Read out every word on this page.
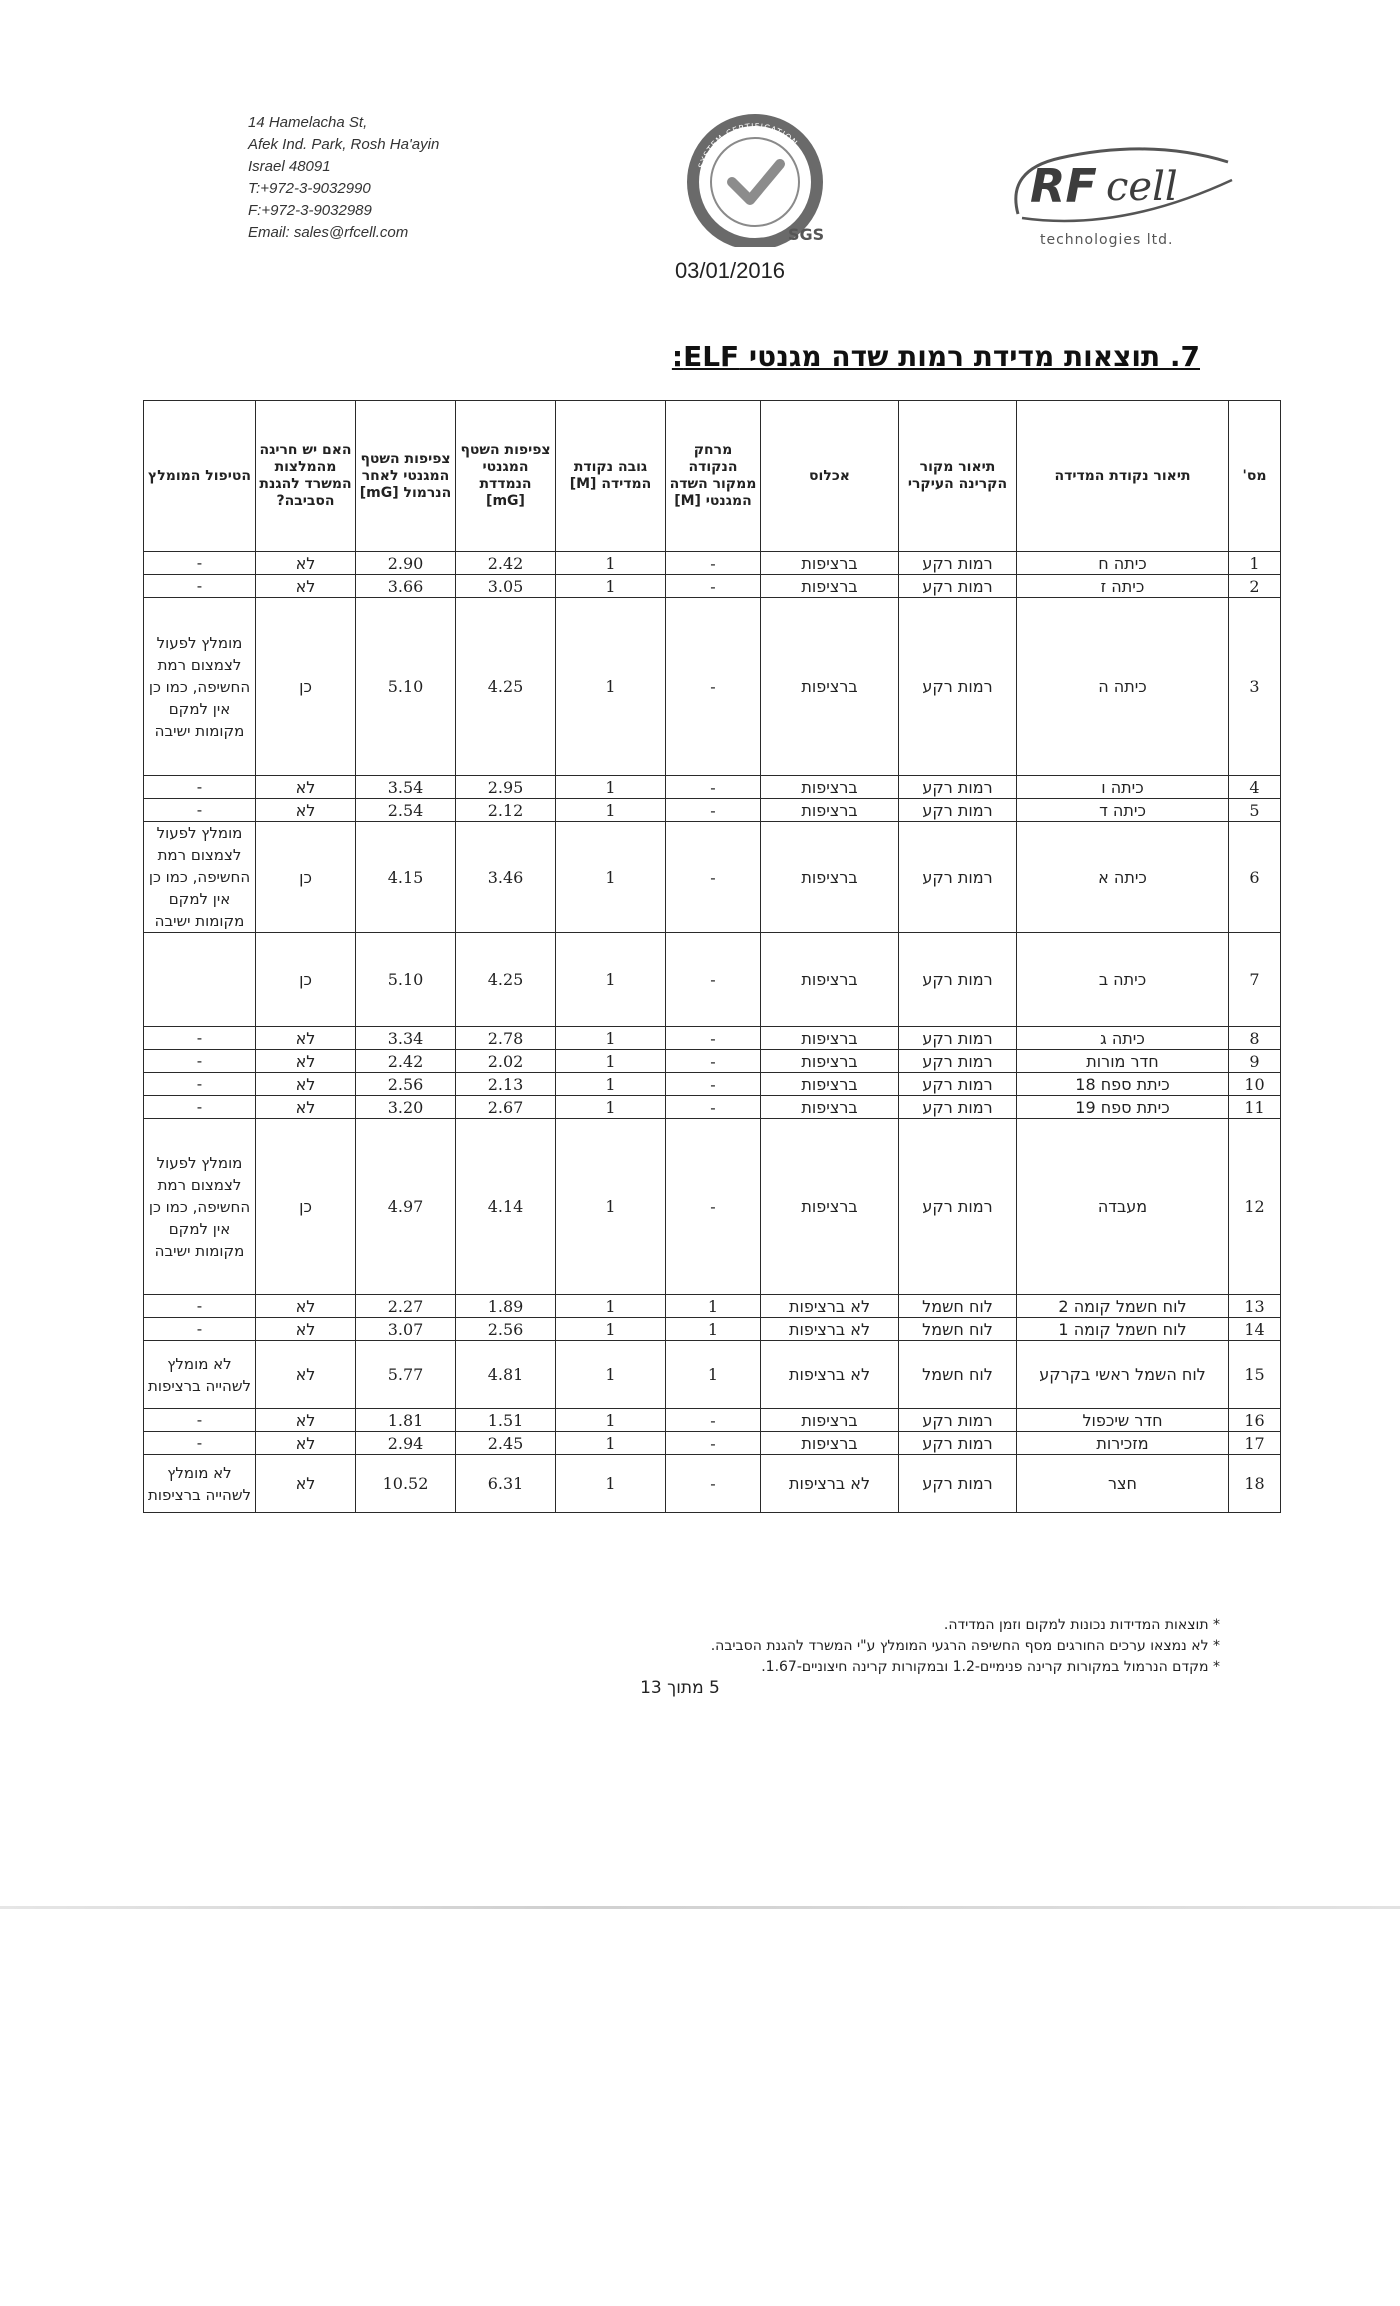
14 Hamelacha St,
Afek Ind. Park, Rosh Ha'ayin
Israel 48091
T:+972-3-9032990
F:+972-3-9032989
Email: sales@rfcell.com
SYSTEM CERTIFICATION
ISO 9001:2000	SGS
RF cell
technologies ltd.
03/01/2016
7. תוצאות מדידת רמות שדה מגנטי ELF:
מס'	תיאור נקודת המדידה	תיאור מקור הקרינה העיקרי	אכלוס	מרחק הנקודה ממקור השדה המגנטי [M]	גובה נקודת המדידה [M]	צפיפות השטף המגנטי הנמדדת [mG]	צפיפות השטף המגנטי לאחר הנרמול [mG]	האם יש חריגה מהמלצות המשרד להגנת הסביבה?	הטיפול המומלץ
1	כיתה ח	רמות רקע	ברציפות	-	1	2.42	2.90	לא	-
2	כיתה ז	רמות רקע	ברציפות	-	1	3.05	3.66	לא	-
3	כיתה ה	רמות רקע	ברציפות	-	1	4.25	5.10	כן	מומלץ לפעול לצמצום רמת החשיפה, כמו כן אין למקם מקומות ישיבה
4	כיתה ו	רמות רקע	ברציפות	-	1	2.95	3.54	לא	-
5	כיתה ד	רמות רקע	ברציפות	-	1	2.12	2.54	לא	-
6	כיתה א	רמות רקע	ברציפות	-	1	3.46	4.15	כן	מומלץ לפעול לצמצום רמת החשיפה, כמו כן אין למקם מקומות ישיבה
7	כיתה ב	רמות רקע	ברציפות	-	1	4.25	5.10	כן	
8	כיתה ג	רמות רקע	ברציפות	-	1	2.78	3.34	לא	-
9	חדר מורות	רמות רקע	ברציפות	-	1	2.02	2.42	לא	-
10	כיתת ספח 18	רמות רקע	ברציפות	-	1	2.13	2.56	לא	-
11	כיתת ספח 19	רמות רקע	ברציפות	-	1	2.67	3.20	לא	-
12	מעבדה	רמות רקע	ברציפות	-	1	4.14	4.97	כן	מומלץ לפעול לצמצום רמת החשיפה, כמו כן אין למקם מקומות ישיבה
13	לוח חשמל קומה 2	לוח חשמל	לא ברציפות	1	1	1.89	2.27	לא	-
14	לוח חשמל קומה 1	לוח חשמל	לא ברציפות	1	1	2.56	3.07	לא	-
15	לוח השמל ראשי בקרקע	לוח חשמל	לא ברציפות	1	1	4.81	5.77	לא	לא מומלץ לשהייה ברציפות
16	חדר שיכפול	רמות רקע	ברציפות	-	1	1.51	1.81	לא	-
17	מזכירות	רמות רקע	ברציפות	-	1	2.45	2.94	לא	-
18	חצר	רמות רקע	לא ברציפות	-	1	6.31	10.52	לא	לא מומלץ לשהייה ברציפות
* תוצאות המדידות נכונות למקום וזמן המדידה.
* לא נמצאו ערכים החורגים מסף החשיפה הרגעי המומלץ ע"י המשרד להגנת הסביבה.
* מקדם הנרמול במקורות קרינה פנימיים-1.2 ובמקורות קרינה חיצוניים-1.67.
5 מתוך 13
